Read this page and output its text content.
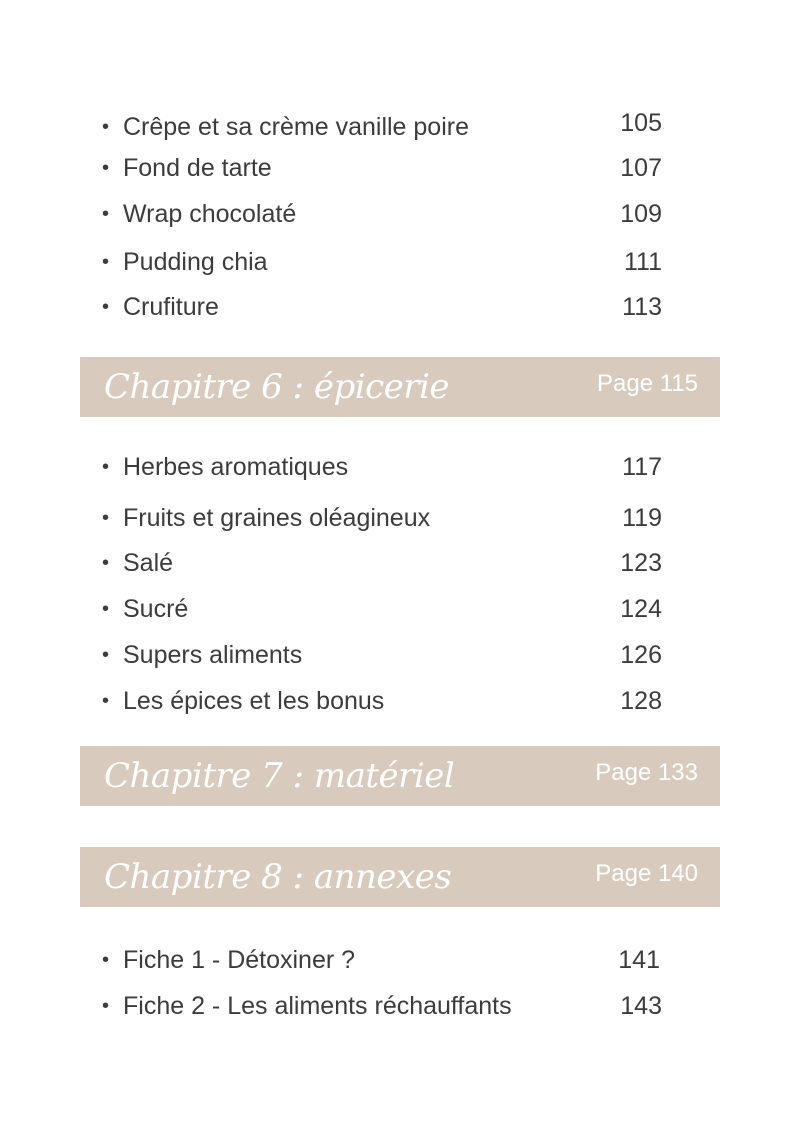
• Crêpe et sa crème vanille poire	105
• Fond de tarte	107
• Wrap chocolaté	109
• Pudding chia	111
• Crufiture	113
Chapitre 6 : épicerie	Page 115
• Herbes aromatiques	117
• Fruits et graines oléagineux	119
• Salé	123
• Sucré	124
• Supers aliments	126
• Les épices et les bonus	128
Chapitre 7 : matériel	Page 133
Chapitre 8 : annexes	Page 140
• Fiche 1 - Détoxiner ?	141
• Fiche 2 - Les aliments réchauffants	143
